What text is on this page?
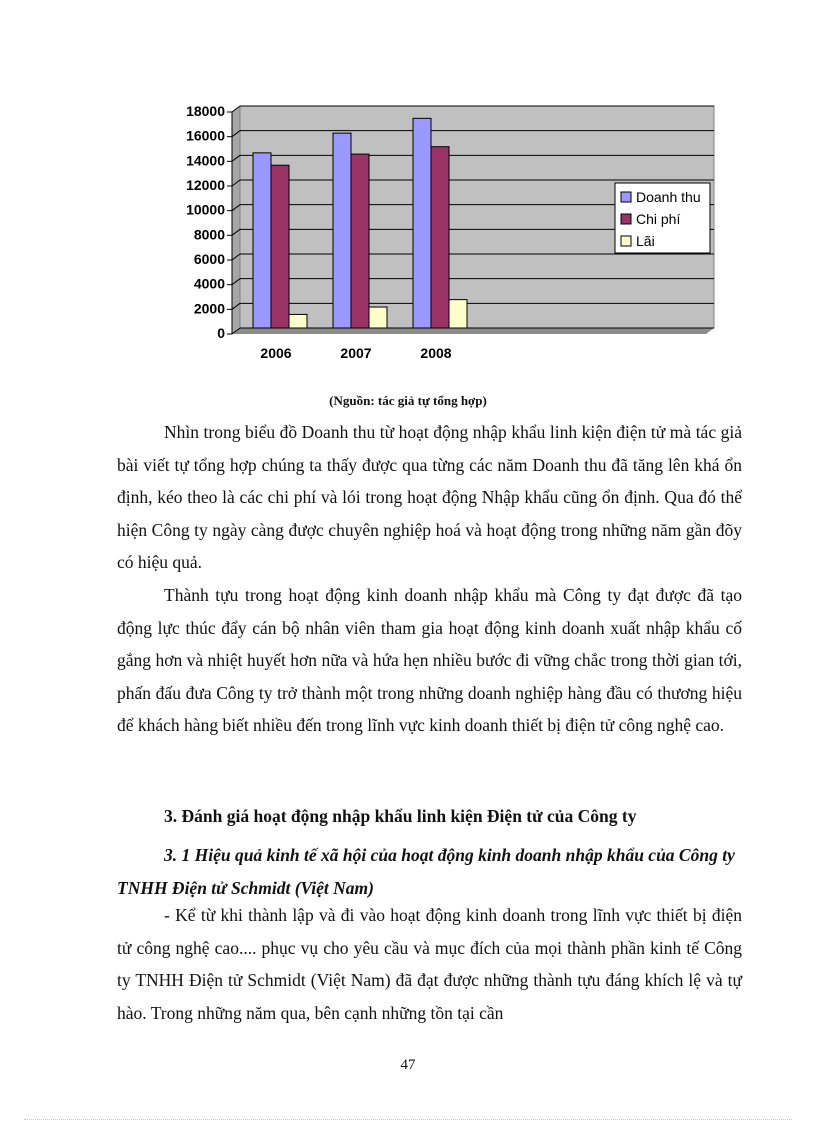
0
2000
4000
6000
8000
10000
12000
14000
16000
18000
2006	2007	2008
Doanh thu
Chi phí
Lãi

(Nguồn: tác giả tự tổng hợp)

Nhìn trong biểu đồ Doanh thu từ hoạt động nhập khẩu linh kiện điện tử mà tác giả bài viết tự tổng hợp chúng ta thấy được qua từng các năm Doanh thu đã tăng lên khá ổn định, kéo theo là các chi phí và lói trong hoạt động Nhập khẩu cũng ổn định. Qua đó thể hiện Công ty ngày càng được chuyên nghiệp hoá và hoạt động trong những năm gần đõy có hiệu quả.

Thành tựu trong hoạt động kinh doanh nhập khẩu mà Công ty đạt được đã tạo động lực thúc đẩy cán bộ nhân viên tham gia hoạt động kinh doanh xuất nhập khẩu cố gắng hơn và nhiệt huyết hơn nữa và hứa hẹn nhiều bước đi vững chắc trong thời gian tới, phấn đấu đưa Công ty trở thành một trong những doanh nghiệp hàng đầu có thương hiệu để khách hàng biết nhiều đến trong lĩnh vực kinh doanh thiết bị điện tử công nghệ cao.

3. Đánh giá hoạt động nhập khẩu linh kiện Điện tử của Công ty

3. 1 Hiệu quả kinh tế xã hội của hoạt động kinh doanh nhập khẩu của Công ty TNHH Điện tử Schmidt (Việt Nam)

- Kể từ khi thành lập và đi vào hoạt động kinh doanh trong lĩnh vực thiết bị điện tử công nghệ cao.... phục vụ cho yêu cầu và mục đích của mọi thành phần kinh tế Công ty TNHH Điện tử Schmidt (Việt Nam) đã đạt được những thành tựu đáng khích lệ và tự hào. Trong những năm qua, bên cạnh những tồn tại cần

47
